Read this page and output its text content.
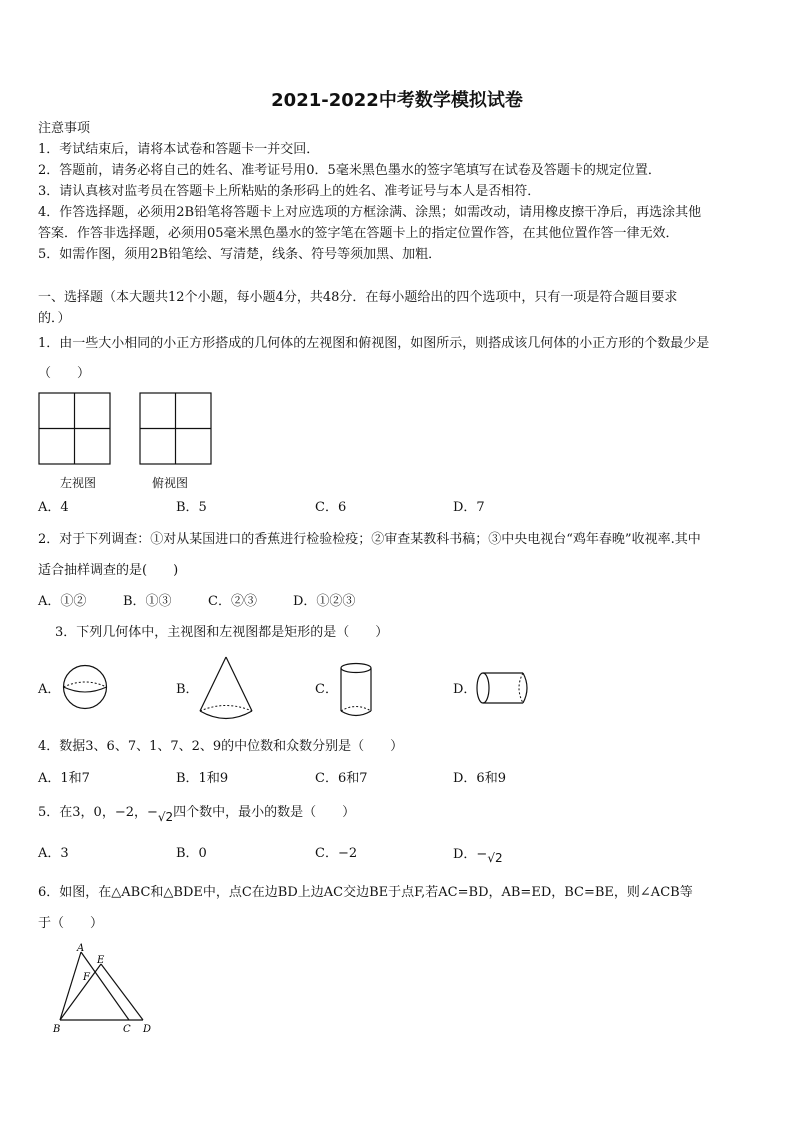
2021-2022中考数学模拟试卷
注意事项
1．考试结束后，请将本试卷和答题卡一并交回．
2．答题前，请务必将自己的姓名、准考证号用0．5毫米黑色墨水的签字笔填写在试卷及答题卡的规定位置．
3．请认真核对监考员在答题卡上所粘贴的条形码上的姓名、准考证号与本人是否相符．
4．作答选择题，必须用2B铅笔将答题卡上对应选项的方框涂满、涂黑；如需改动，请用橡皮擦干净后，再选涂其他
答案．作答非选择题，必须用05毫米黑色墨水的签字笔在答题卡上的指定位置作答，在其他位置作答一律无效．
5．如需作图，须用2B铅笔绘、写清楚，线条、符号等须加黑、加粗．
一、选择题（本大题共12个小题，每小题4分，共48分．在每小题给出的四个选项中，只有一项是符合题目要求
的．）
1．由一些大小相同的小正方形搭成的几何体的左视图和俯视图，如图所示，则搭成该几何体的小正方形的个数最少是
（　　）
左视图	俯视图
A．4	B．5	C．6	D．7
2．对于下列调查：①对从某国进口的香蕉进行检验检疫；②审查某教科书稿；③中央电视台“鸡年春晚”收视率.其中
适合抽样调查的是(　　)
A．①②	B．①③	C．②③	D．①②③
3．下列几何体中，主视图和左视图都是矩形的是（　　）
A．	B．	C．	D．
4．数据3、6、7、1、7、2、9的中位数和众数分别是（　　）
A．1和7	B．1和9	C．6和7	D．6和9
5．在3，0，−2，−√2四个数中，最小的数是（　　）
A．3	B．0	C．−2	D．−√2
6．如图，在△ABC和△BDE中，点C在边BD上边AC交边BE于点F,若AC=BD，AB=ED，BC=BE，则∠ACB等
于（　　）
A
B	C D
E
F
